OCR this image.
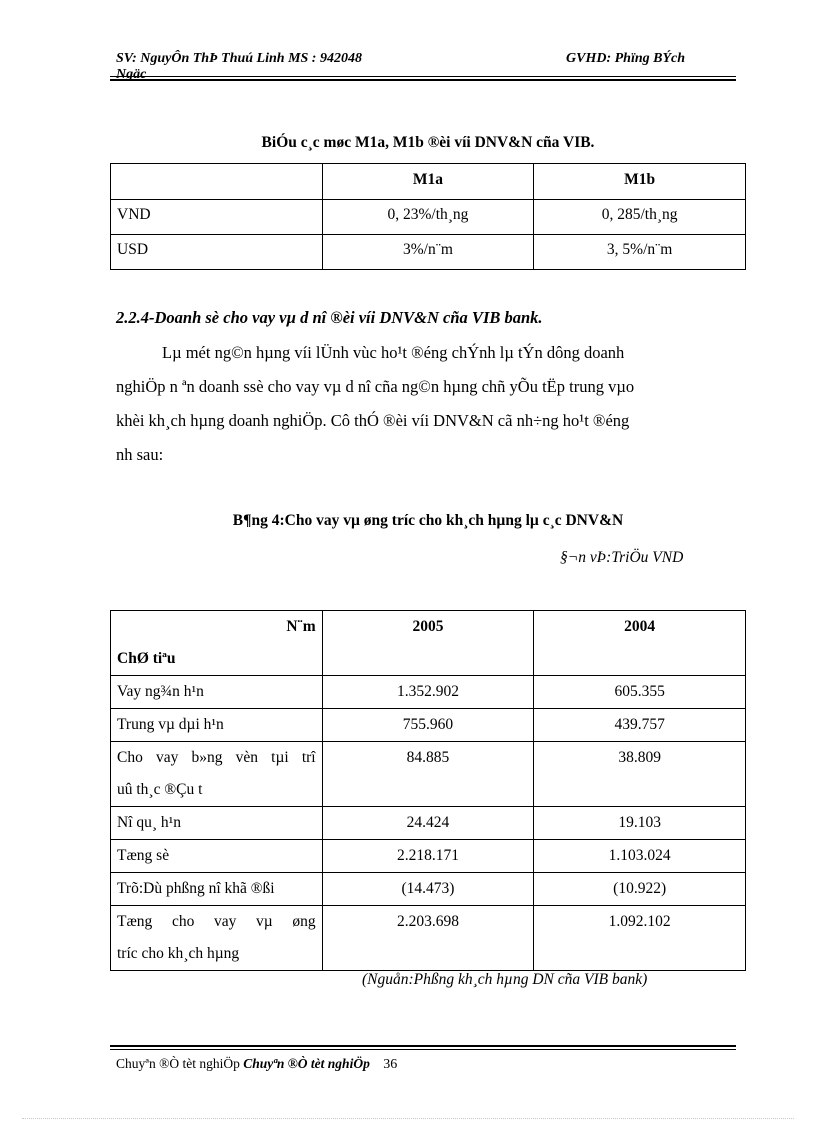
SV: NguyÔn ThÞ Thuú Linh MS : 942048	GVHD: Phïng BÝch
Ngäc
BiÓu c¸c møc M1a, M1b ®èi víi DNV&N cña VIB.
	M1a	M1b
VND	0, 23%/th¸ng	0, 285/th¸ng
USD	3%/n¨m	3, 5%/n¨m
2.2.4-Doanh sè cho vay vµ d nî ®èi víi DNV&N cña VIB bank.
Lµ mét ng©n hµng víi lÜnh vùc ho¹t ®éng chÝnh lµ tÝn dông doanh
nghiÖp n ªn doanh ssè cho vay vµ d nî cña ng©n hµng chñ yÕu tËp trung vµo
khèi kh¸ch hµng doanh nghiÖp. Cô thÓ ®èi víi DNV&N cã nh÷ng ho¹t ®éng
nh sau:
B¶ng 4:Cho vay vµ øng tríc cho kh¸ch hµng lµ c¸c DNV&N
§¬n vÞ:TriÖu VND
N¨m
ChØ tiªu	2005	2004
Vay ng¾n h¹n	1.352.902	605.355
Trung vµ dµi h¹n	755.960	439.757

Cho vay b»ng vèn tµi trî
uû th¸c ®Çu t	84.885	38.809
Nî qu¸ h¹n	24.424	19.103
Tæng sè	2.218.171	1.103.024
Trõ:Dù phßng nî khã ®ßi	(14.473)	(10.922)

Tæng cho vay vµ øng
tríc cho kh¸ch hµng	2.203.698	1.092.102
(Nguån:Phßng kh¸ch hµng DN cña VIB bank)
Chuyªn ®Ò tèt nghiÖp Chuyªn ®Ò tèt nghiÖp 36
